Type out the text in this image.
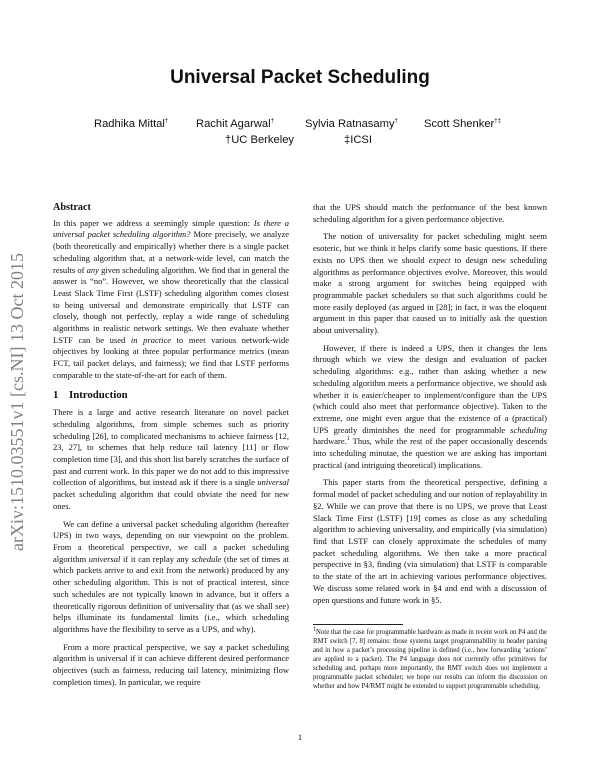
Universal Packet Scheduling
Radhika Mittal† Rachit Agarwal†	Sylvia Ratnasamy† Scott Shenker†‡
†UC Berkeley	‡ICSI
arXiv:1510.03551v1 [cs.NI] 13 Oct 2015
Abstract

In this paper we address a seemingly simple question: Is there a universal packet scheduling algorithm? More precisely, we analyze (both theoretically and empirically) whether there is a single packet scheduling algorithm that, at a network-wide level, can match the results of any given scheduling algorithm. We find that in general the answer is “no”. However, we show theoretically that the classical Least Slack Time First (LSTF) scheduling algorithm comes closest to being universal and demonstrate empirically that LSTF can closely, though not perfectly, replay a wide range of scheduling algorithms in realistic network settings. We then evaluate whether LSTF can be used in practice to meet various network-wide objectives by looking at three popular performance metrics (mean FCT, tail packet delays, and fairness); we find that LSTF performs comparable to the state-of-the-art for each of them.

1 Introduction

There is a large and active research literature on novel packet scheduling algorithms, from simple schemes such as priority scheduling [26], to complicated mechanisms to achieve fairness [12, 23, 27], to schemes that help reduce tail latency [11] or flow completion time [3], and this short list barely scratches the surface of past and current work. In this paper we do not add to this impressive collection of algorithms, but instead ask if there is a single universal packet scheduling algorithm that could obviate the need for new ones.

We can define a universal packet scheduling algorithm (hereafter UPS) in two ways, depending on our viewpoint on the problem. From a theoretical perspective, we call a packet scheduling algorithm universal if it can replay any schedule (the set of times at which packets arrive to and exit from the network) produced by any other scheduling algorithm. This is not of practical interest, since such schedules are not typically known in advance, but it offers a theoretically rigorous definition of universality that (as we shall see) helps illuminate its fundamental limits (i.e., which scheduling algorithms have the flexibility to serve as a UPS, and why).

From a more practical perspective, we say a packet scheduling algorithm is universal if it can achieve different desired performance objectives (such as fairness, reducing tail latency, minimizing flow completion times). In particular, we require

that the UPS should match the performance of the best known scheduling algorithm for a given performance objective.

The notion of universality for packet scheduling might seem esoteric, but we think it helps clarify some basic questions. If there exists no UPS then we should expect to design new scheduling algorithms as performance objectives evolve. Moreover, this would make a strong argument for switches being equipped with programmable packet schedulers so that such algorithms could be more easily deployed (as argued in [28]; in fact, it was the eloquent argument in this paper that caused us to initially ask the question about universality).

However, if there is indeed a UPS, then it changes the lens through which we view the design and evaluation of packet scheduling algorithms: e.g., rather than asking whether a new scheduling algorithm meets a performance objective, we should ask whether it is easier/cheaper to implement/configure than the UPS (which could also meet that performance objective). Taken to the extreme, one might even argue that the existence of a (practical) UPS greatly diminishes the need for programmable scheduling hardware.$^1$ Thus, while the rest of the paper occasionally descends into scheduling minutae, the question we are asking has important practical (and intriguing theoretical) implications.

This paper starts from the theoretical perspective, defining a formal model of packet scheduling and our notion of replayability in §2. While we can prove that there is no UPS, we prove that Least Slack Time First (LSTF) [19] comes as close as any scheduling algorithm to achieving universality, and empirically (via simulation) find that LSTF can closely approximate the schedules of many packet scheduling algorithms. We then take a more practical perspective in §3, finding (via simulation) that LSTF is comparable to the state of the art in achieving various performance objectives. We discuss some related work in §4 and end with a discussion of open questions and future work in §5.

$^1$Note that the case for programmable hardware as made in recent work on P4 and the RMT switch [7, 8] remains: those systems target programmability in header parsing and in how a packet’s processing pipeline is defined (i.e., how forwarding ‘actions’ are applied to a packet). The P4 language does not currently offer primitives for scheduling and, perhaps more importantly, the RMT switch does not implement a programmable packet scheduler; we hope our results can inform the discussion on whether and how P4/RMT might be extended to support programmable scheduling.
1
